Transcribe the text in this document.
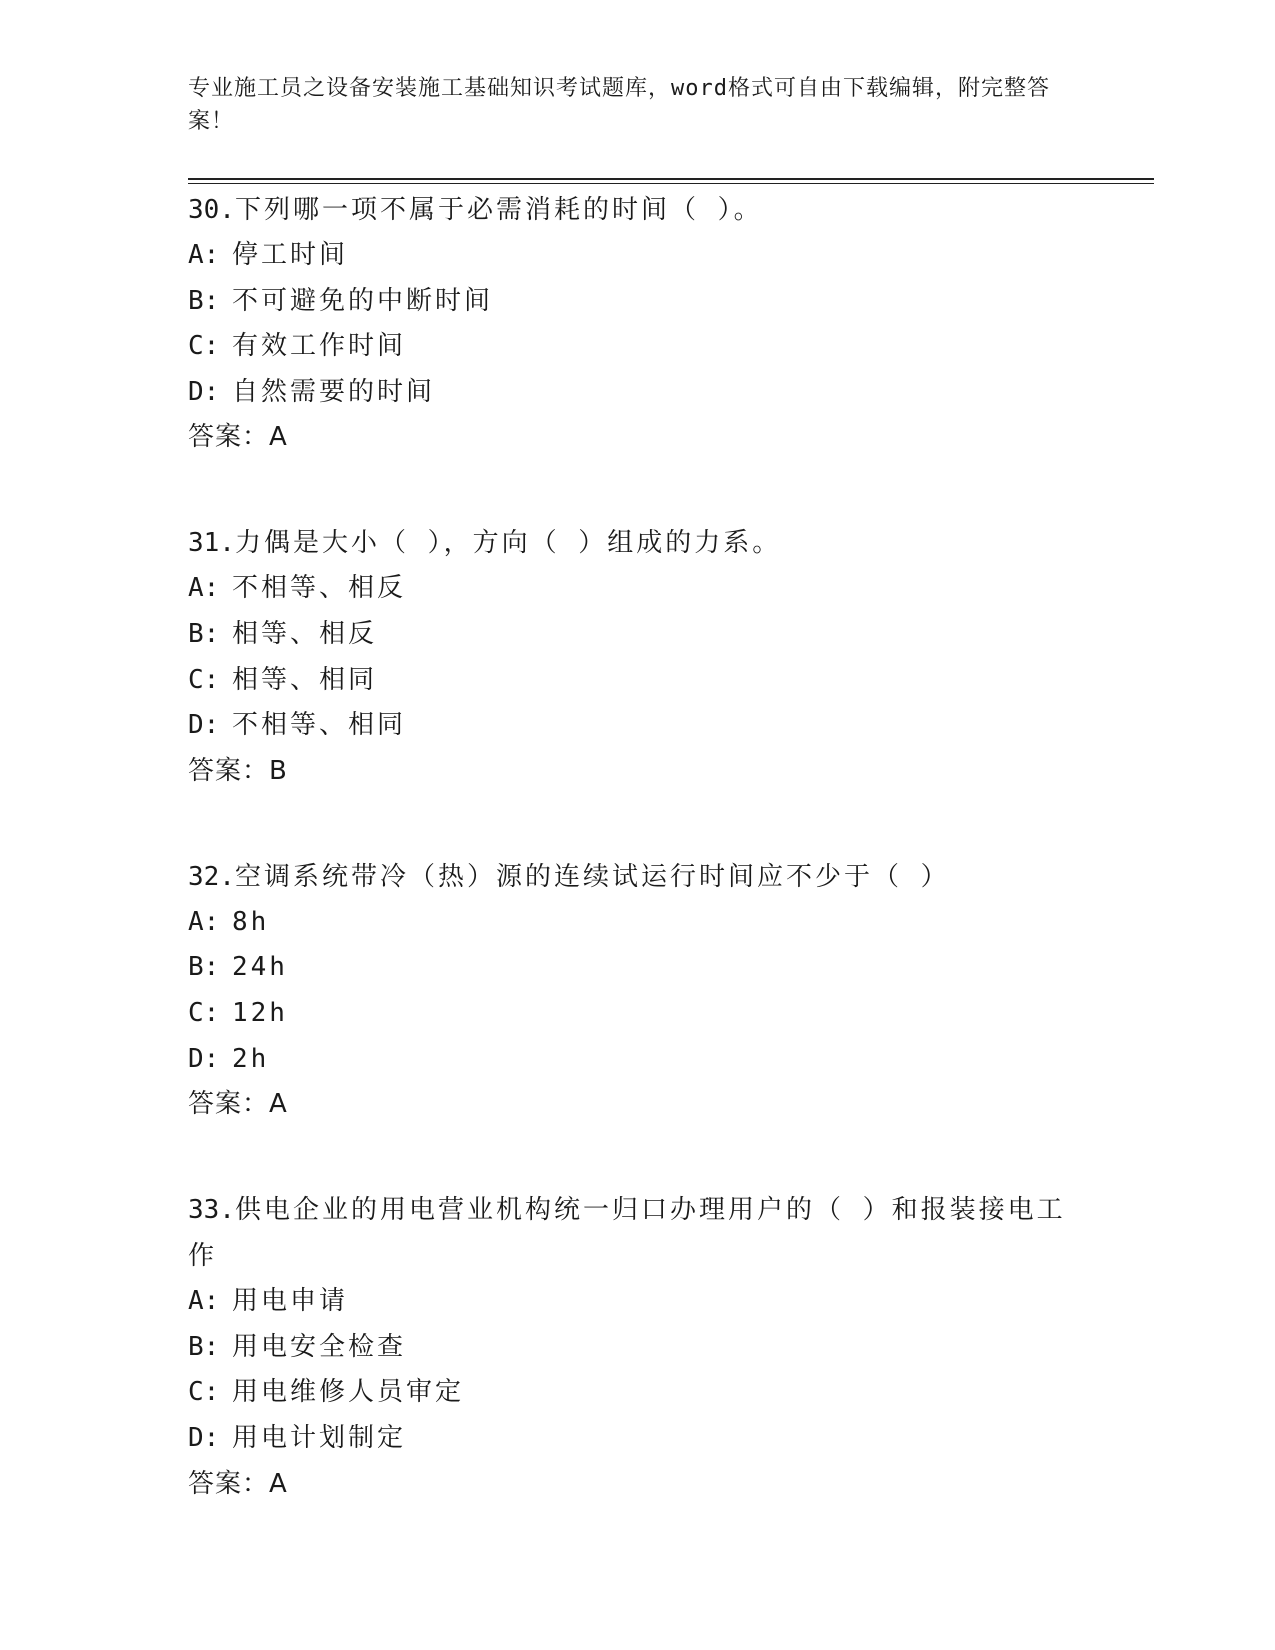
专业施工员之设备安装施工基础知识考试题库，word格式可自由下载编辑，附完整答案！
30.下列哪一项不属于必需消耗的时间（ ）。
A: 停工时间
B: 不可避免的中断时间
C: 有效工作时间
D: 自然需要的时间
答案：A
31.力偶是大小（ ），方向（ ）组成的力系。
A: 不相等、相反
B: 相等、相反
C: 相等、相同
D: 不相等、相同
答案：B
32.空调系统带冷（热）源的连续试运行时间应不少于（ ）
A: 8h
B: 24h
C: 12h
D: 2h
答案：A
33.供电企业的用电营业机构统一归口办理用户的（ ）和报装接电工作
A: 用电申请
B: 用电安全检查
C: 用电维修人员审定
D: 用电计划制定
答案：A
